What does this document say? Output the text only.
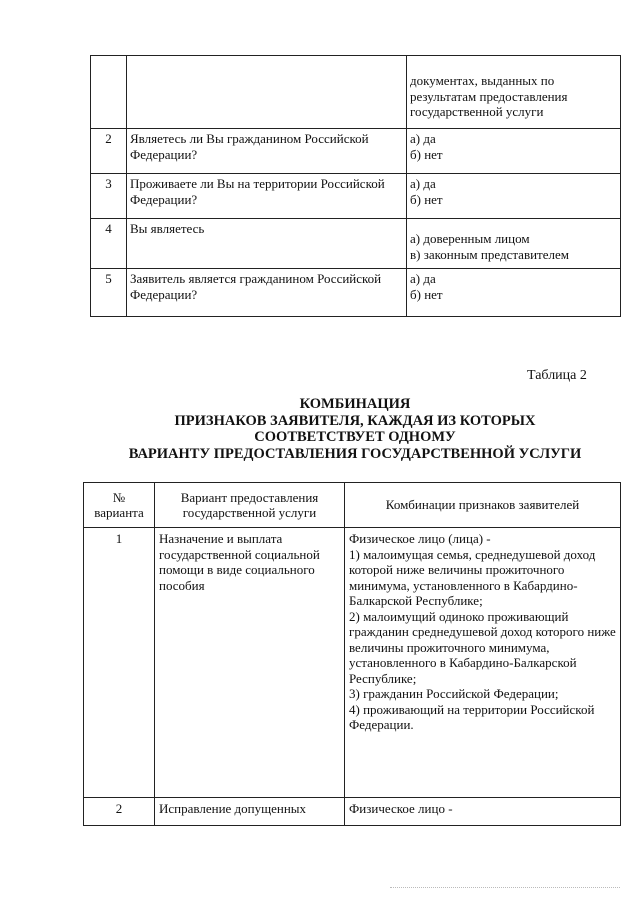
		документах, выданных по
результатам предоставления
государственной услуги
2	Являетесь ли Вы гражданином Российской Федерации?	а) да
б) нет
3	Проживаете ли Вы на территории Российской Федерации?	а) да
б) нет
4	Вы являетесь	а) доверенным лицом
в) законным представителем
5	Заявитель является гражданином Российской Федерации?	а) да
б) нет
Таблица 2
КОМБИНАЦИЯ
ПРИЗНАКОВ ЗАЯВИТЕЛЯ, КАЖДАЯ ИЗ КОТОРЫХ
СООТВЕТСТВУЕТ ОДНОМУ
ВАРИАНТУ ПРЕДОСТАВЛЕНИЯ ГОСУДАРСТВЕННОЙ УСЛУГИ
№ варианта	Вариант предоставления государственной услуги	Комбинации признаков заявителей
1	Назначение и выплата государственной социальной помощи в виде социального пособия	Физическое лицо (лица) -
1) малоимущая семья, среднедушевой доход которой ниже величины прожиточного минимума, установленного в Кабардино-Балкарской Республике;
2) малоимущий одиноко проживающий гражданин среднедушевой доход которого ниже величины прожиточного минимума, установленного в Кабардино-Балкарской Республике;
3) гражданин Российской Федерации;
4) проживающий на территории Российской Федерации.

2	Исправление допущенных	Физическое лицо -
